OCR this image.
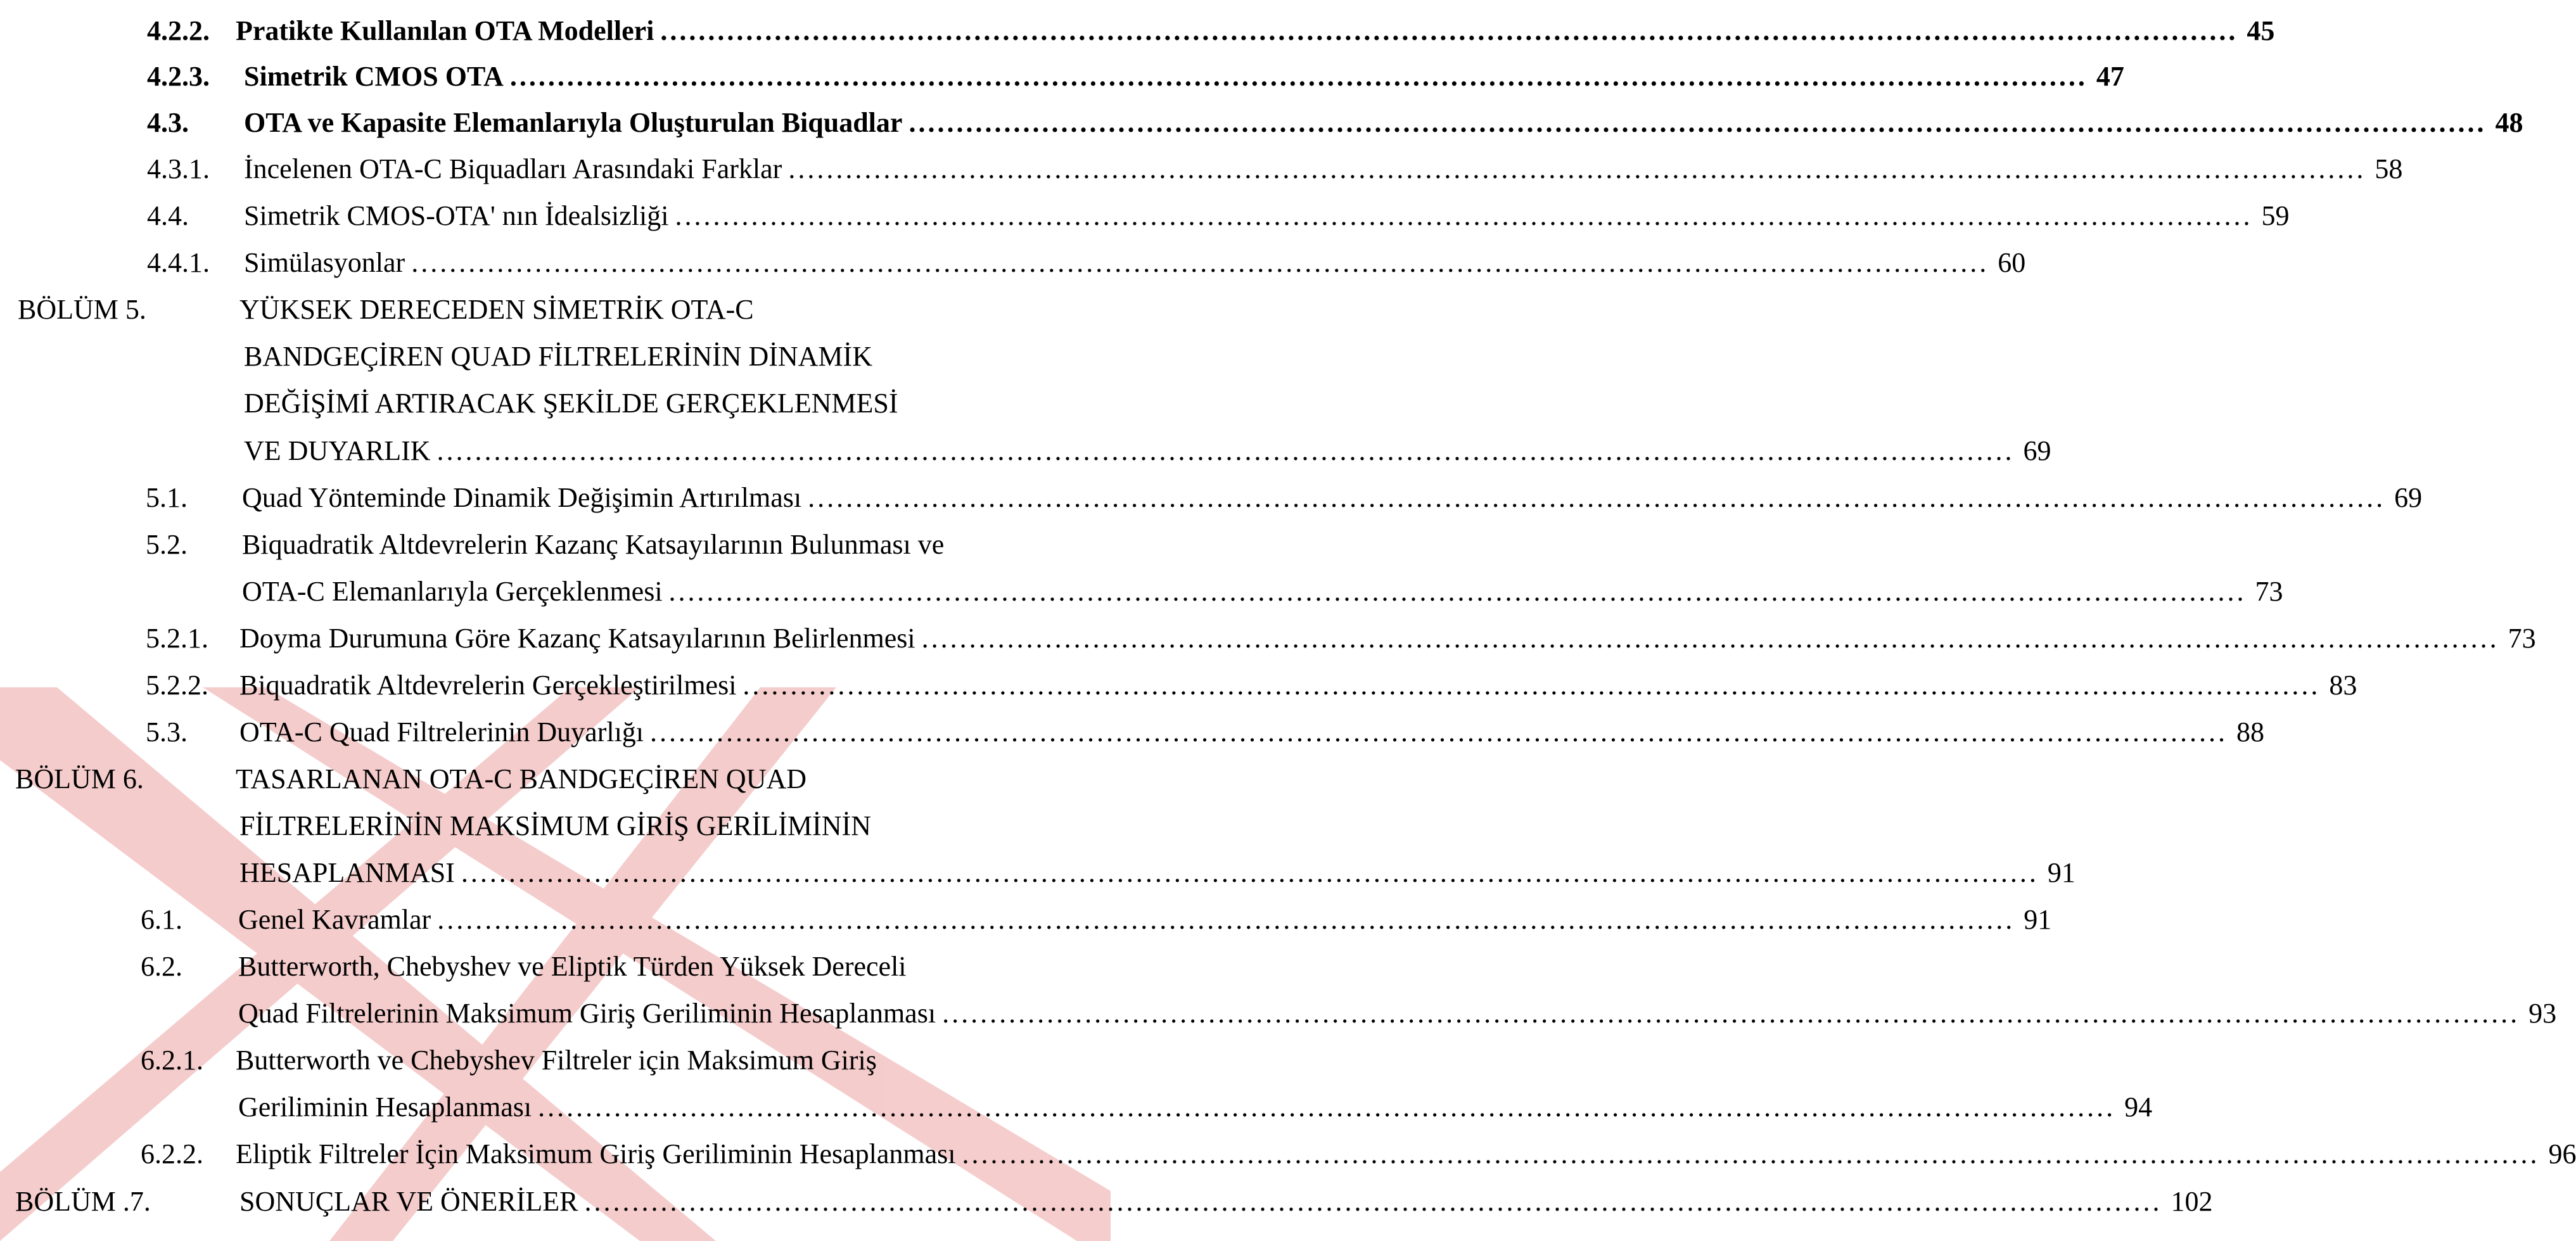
4.2.2. Pratikte Kullanılan OTA Modelleri ...................................................................................................................................................................... 45
4.2.3. Simetrik CMOS OTA ...................................................................................................................................................................... 47
4.3. OTA ve Kapasite Elemanlarıyla Oluşturulan Biquadlar ...................................................................................................................................................................... 48
4.3.1. İncelenen OTA-C Biquadları Arasındaki Farklar ...................................................................................................................................................................... 58
4.4. Simetrik CMOS-OTA' nın İdealsizliği ...................................................................................................................................................................... 59
4.4.1. Simülasyonlar ...................................................................................................................................................................... 60
BÖLÜM 5.	YÜKSEK DERECEDEN SİMETRİK OTA-C
BANDGEÇİREN QUAD FİLTRELERİNİN DİNAMİK
DEĞİŞİMİ ARTIRACAK ŞEKİLDE GERÇEKLENMESİ
VE DUYARLIK ...................................................................................................................................................................... 69
5.1. Quad Yönteminde Dinamik Değişimin Artırılması ...................................................................................................................................................................... 69
5.2. Biquadratik Altdevrelerin Kazanç Katsayılarının Bulunması ve
OTA-C Elemanlarıyla Gerçeklenmesi ...................................................................................................................................................................... 73
5.2.1. Doyma Durumuna Göre Kazanç Katsayılarının Belirlenmesi ...................................................................................................................................................................... 73
5.2.2. Biquadratik Altdevrelerin Gerçekleştirilmesi ...................................................................................................................................................................... 83
5.3. OTA-C Quad Filtrelerinin Duyarlığı ...................................................................................................................................................................... 88
BÖLÜM 6.	TASARLANAN OTA-C BANDGEÇİREN QUAD
FİLTRELERİNİN MAKSİMUM GİRİŞ GERİLİMİNİN
HESAPLANMASI ...................................................................................................................................................................... 91
6.1. Genel Kavramlar ...................................................................................................................................................................... 91
6.2. Butterworth, Chebyshev ve Eliptik Türden Yüksek Dereceli
Quad Filtrelerinin Maksimum Giriş Geriliminin Hesaplanması ...................................................................................................................................................................... 93
6.2.1. Butterworth ve Chebyshev Filtreler için Maksimum Giriş
Geriliminin Hesaplanması ...................................................................................................................................................................... 94
6.2.2. Eliptik Filtreler İçin Maksimum Giriş Geriliminin Hesaplanması ...................................................................................................................................................................... 96
BÖLÜM .7.	SONUÇLAR VE ÖNERİLER ...................................................................................................................................................................... 102
